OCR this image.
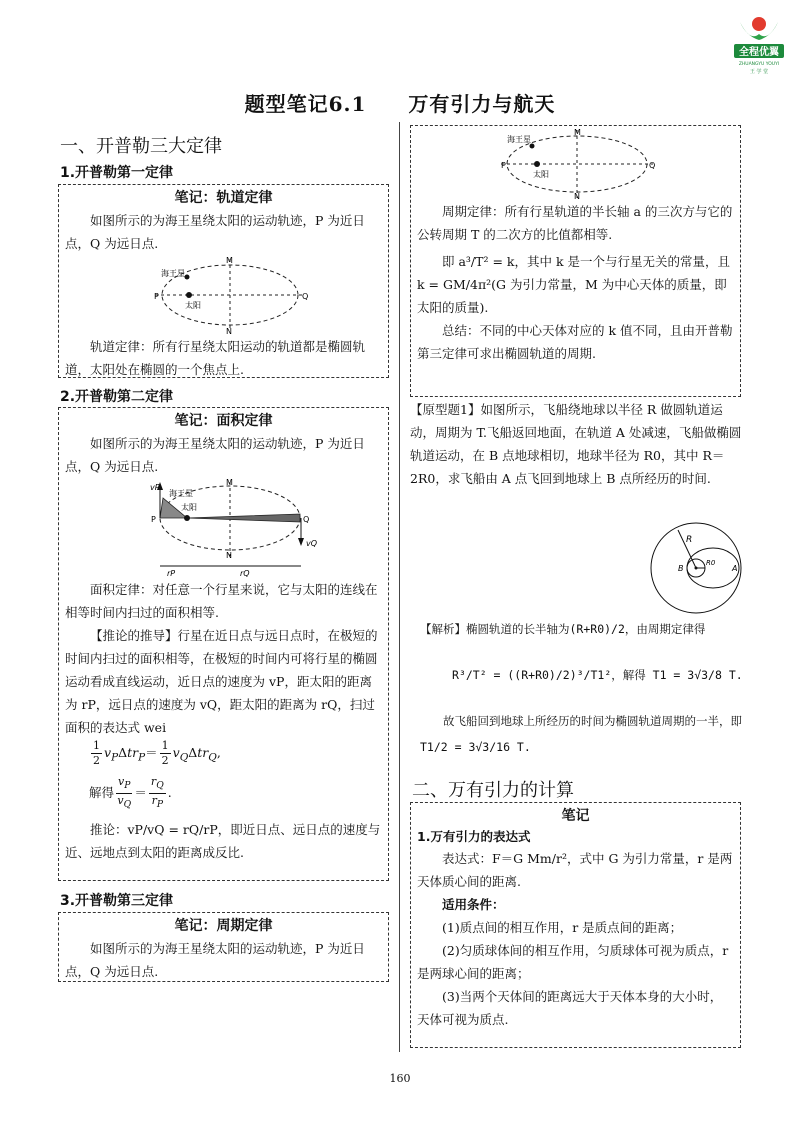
全程优翼
ZHUANGYU YOUYI
王 学 堂
题型笔记6.1　　万有引力与航天
一、开普勒三大定律
1.开普勒第一定律
笔记：轨道定律

如图所示的为海王星绕太阳的运动轨迹，P 为近日点，Q 为远日点.

海王星
太阳
P	Q
M
N

轨道定律：所有行星绕太阳运动的轨道都是椭圆轨道，太阳处在椭圆的一个焦点上.

2.开普勒第二定律
笔记：面积定律

如图所示的为海王星绕太阳的运动轨迹，P 为近日点，Q 为远日点.

vP
vQ
海王星
太阳
P	Q
M
N
rP	rQ

面积定律：对任意一个行星来说，它与太阳的连线在相等时间内扫过的面积相等.

【推论的推导】行星在近日点与远日点时，在极短的时间内扫过的面积相等，在极短的时间内可将行星的椭圆运动看成直线运动，近日点的速度为 vP，距太阳的距离为 rP，远日点的速度为 vQ，距太阳的距离为 rQ，扫过面积的表达式 wei

$\frac{1}{2} v_P\Delta tr_P= \frac{1}{2} v_Q\Delta tr_Q$,
解得 $\frac{v_P}{v_Q} = \frac{r_Q}{r_P}$ .

推论：vP/vQ = rQ/rP，即近日点、远日点的速度与近、远地点到太阳的距离成反比.

3.开普勒第三定律
笔记：周期定律

如图所示的为海王星绕太阳的运动轨迹，P 为近日点，Q 为远日点.

海王星
太阳
P	Q
M
N

周期定律：所有行星轨道的半长轴 a 的三次方与它的公转周期 T 的二次方的比值都相等.

即 a³/T² = k，其中 k 是一个与行星无关的常量，且 k = GM/4π²(G 为引力常量，M 为中心天体的质量，即太阳的质量).

总结：不同的中心天体对应的 k 值不同，且由开普勒第三定律可求出椭圆轨道的周期.

【原型题1】如图所示，飞船绕地球以半径 R 做圆轨道运动，周期为 T.飞船返回地面，在轨道 A 处减速，飞船做椭圆轨道运动，在 B 点地球相切，地球半径为 R0，其中 R＝2R0，求飞船由 A 点飞回到地球上 B 点所经历的时间.

R
R0
B	A
【解析】椭圆轨道的长半轴为(R+R0)/2，由周期定律得
R³/T² = ((R+R0)/2)³/T1²，解得 T1 = 3√3/8 T.
故飞船回到地球上所经历的时间为椭圆轨道周期的一半，即 T1/2 = 3√3/16 T.
二、万有引力的计算
笔记
1.万有引力的表达式

表达式：F＝G Mm/r²，式中 G 为引力常量，r 是两天体质心间的距离.

适用条件：

(1)质点间的相互作用，r 是质点间的距离；

(2)匀质球体间的相互作用，匀质球体可视为质点，r 是两球心间的距离；

(3)当两个天体间的距离远大于天体本身的大小时，天体可视为质点.

160
